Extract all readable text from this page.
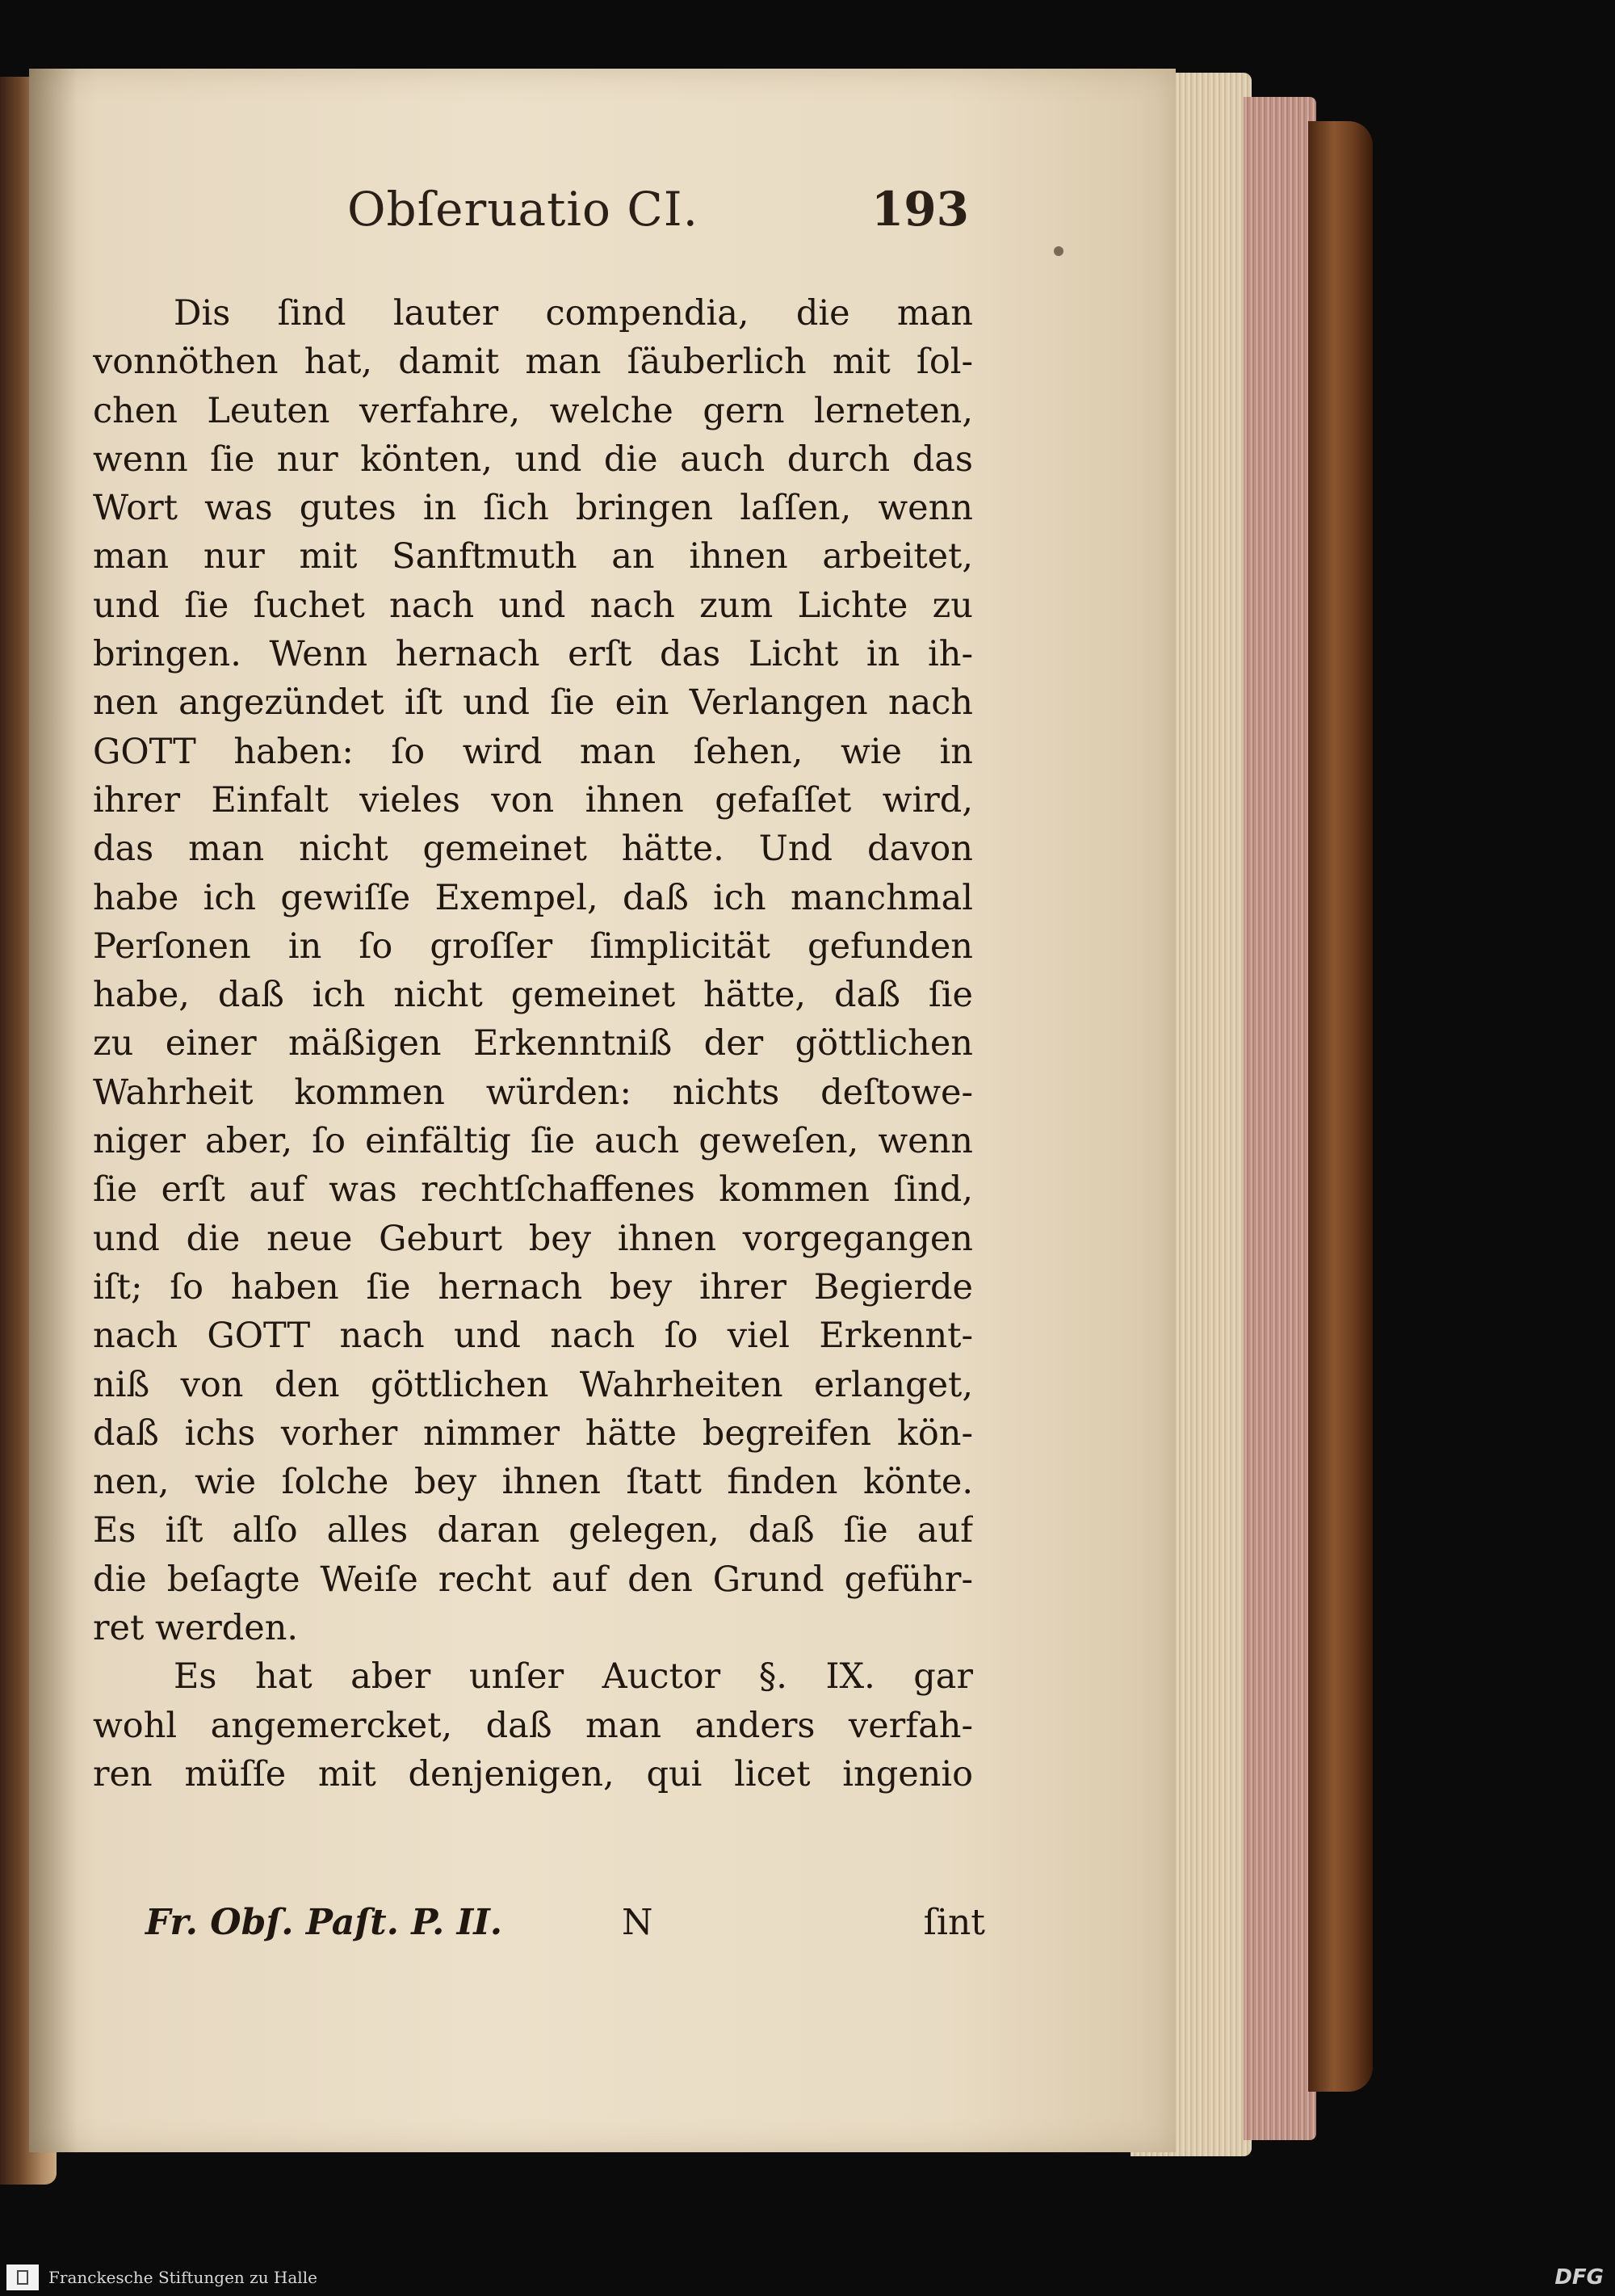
Obſeruatio CI.	193
Dis ſind lauter compendia, die man
vonnöthen hat, damit man ſäuberlich mit ſol-
chen Leuten verfahre, welche gern lerneten,
wenn ſie nur könten, und die auch durch das
Wort was gutes in ſich bringen laſſen, wenn
man nur mit Sanftmuth an ihnen arbeitet,
und ſie ſuchet nach und nach zum Lichte zu
bringen. Wenn hernach erſt das Licht in ih-
nen angezündet iſt und ſie ein Verlangen nach
GOTT haben: ſo wird man ſehen, wie in
ihrer Einfalt vieles von ihnen gefaſſet wird,
das man nicht gemeinet hätte. Und davon
habe ich gewiſſe Exempel, daß ich manchmal
Perſonen in ſo groſſer ſimplicität gefunden
habe, daß ich nicht gemeinet hätte, daß ſie
zu einer mäßigen Erkenntniß der göttlichen
Wahrheit kommen würden: nichts deſtowe-
niger aber, ſo einfältig ſie auch geweſen, wenn
ſie erſt auf was rechtſchaffenes kommen ſind,
und die neue Geburt bey ihnen vorgegangen
iſt; ſo haben ſie hernach bey ihrer Begierde
nach GOTT nach und nach ſo viel Erkennt-
niß von den göttlichen Wahrheiten erlanget,
daß ichs vorher nimmer hätte begreifen kön-
nen, wie ſolche bey ihnen ſtatt finden könte.
Es iſt alſo alles daran gelegen, daß ſie auf
die beſagte Weiſe recht auf den Grund geführ-
ret werden.
Es hat aber unſer Auctor §. IX. gar
wohl angemercket, daß man anders verfah-
ren müſſe mit denjenigen, qui licet ingenio
Fr. Obſ. Paſt. P. II.	N	ſint
Franckesche Stiftungen zu Halle	DFG
